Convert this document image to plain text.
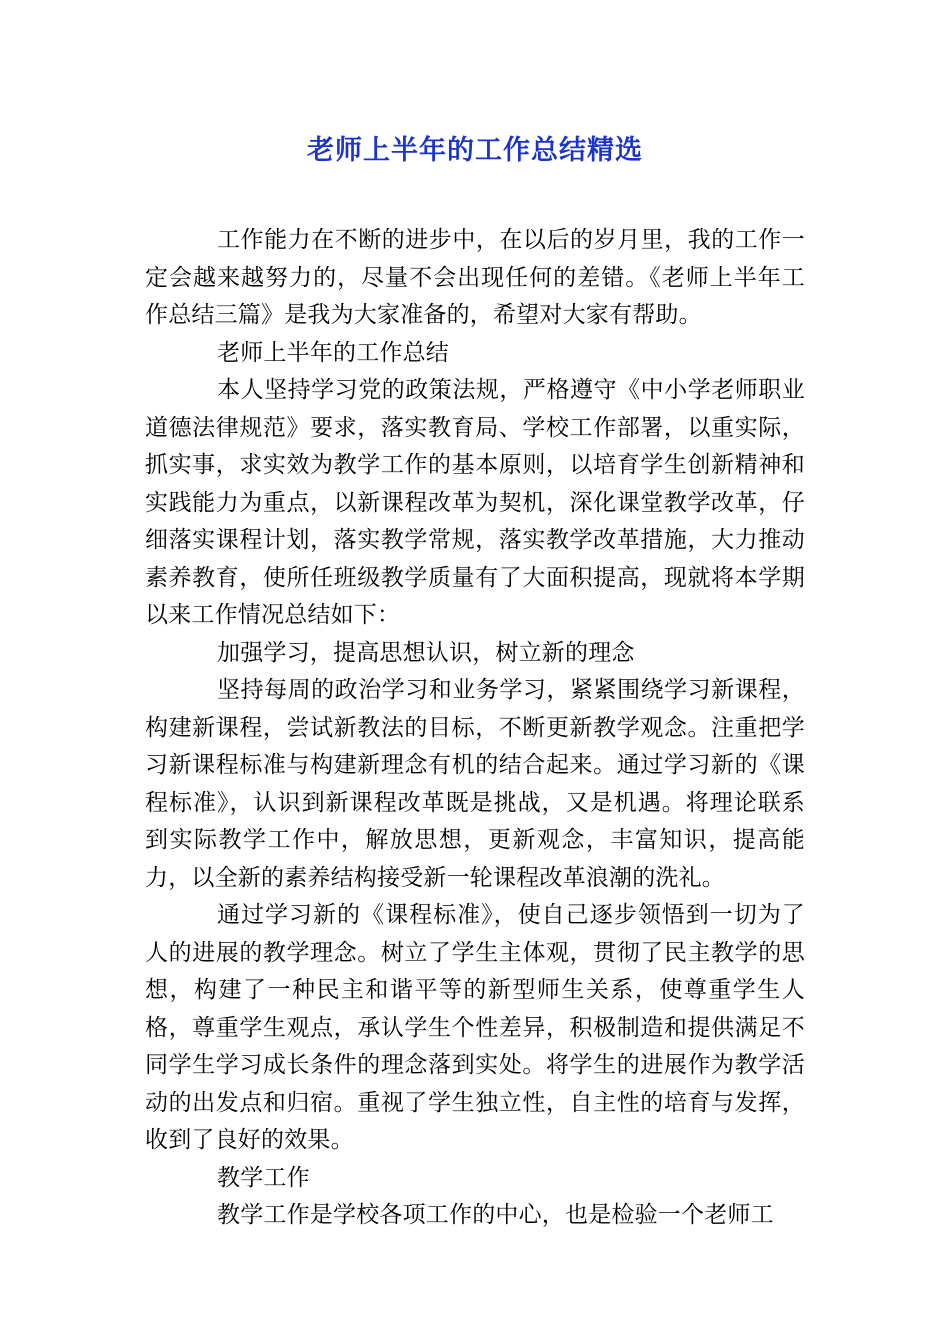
老师上半年的工作总结精选

工作能力在不断的进步中，在以后的岁月里，我的工作一定会越来越努力的，尽量不会出现任何的差错。《老师上半年工作总结三篇》是我为大家准备的，希望对大家有帮助。

老师上半年的工作总结

本人坚持学习党的政策法规，严格遵守《中小学老师职业道德法律规范》要求，落实教育局、学校工作部署，以重实际，抓实事，求实效为教学工作的基本原则，以培育学生创新精神和实践能力为重点，以新课程改革为契机，深化课堂教学改革，仔细落实课程计划，落实教学常规，落实教学改革措施，大力推动素养教育，使所任班级教学质量有了大面积提高，现就将本学期以来工作情况总结如下：

加强学习，提高思想认识，树立新的理念

坚持每周的政治学习和业务学习，紧紧围绕学习新课程，构建新课程，尝试新教法的目标，不断更新教学观念。注重把学习新课程标准与构建新理念有机的结合起来。通过学习新的《课程标准》，认识到新课程改革既是挑战，又是机遇。将理论联系到实际教学工作中，解放思想，更新观念，丰富知识，提高能力，以全新的素养结构接受新一轮课程改革浪潮的洗礼。

通过学习新的《课程标准》，使自己逐步领悟到一切为了人的进展的教学理念。树立了学生主体观，贯彻了民主教学的思想，构建了一种民主和谐平等的新型师生关系，使尊重学生人格，尊重学生观点，承认学生个性差异，积极制造和提供满足不同学生学习成长条件的理念落到实处。将学生的进展作为教学活动的出发点和归宿。重视了学生独立性，自主性的培育与发挥，收到了良好的效果。

教学工作

教学工作是学校各项工作的中心，也是检验一个老师工
